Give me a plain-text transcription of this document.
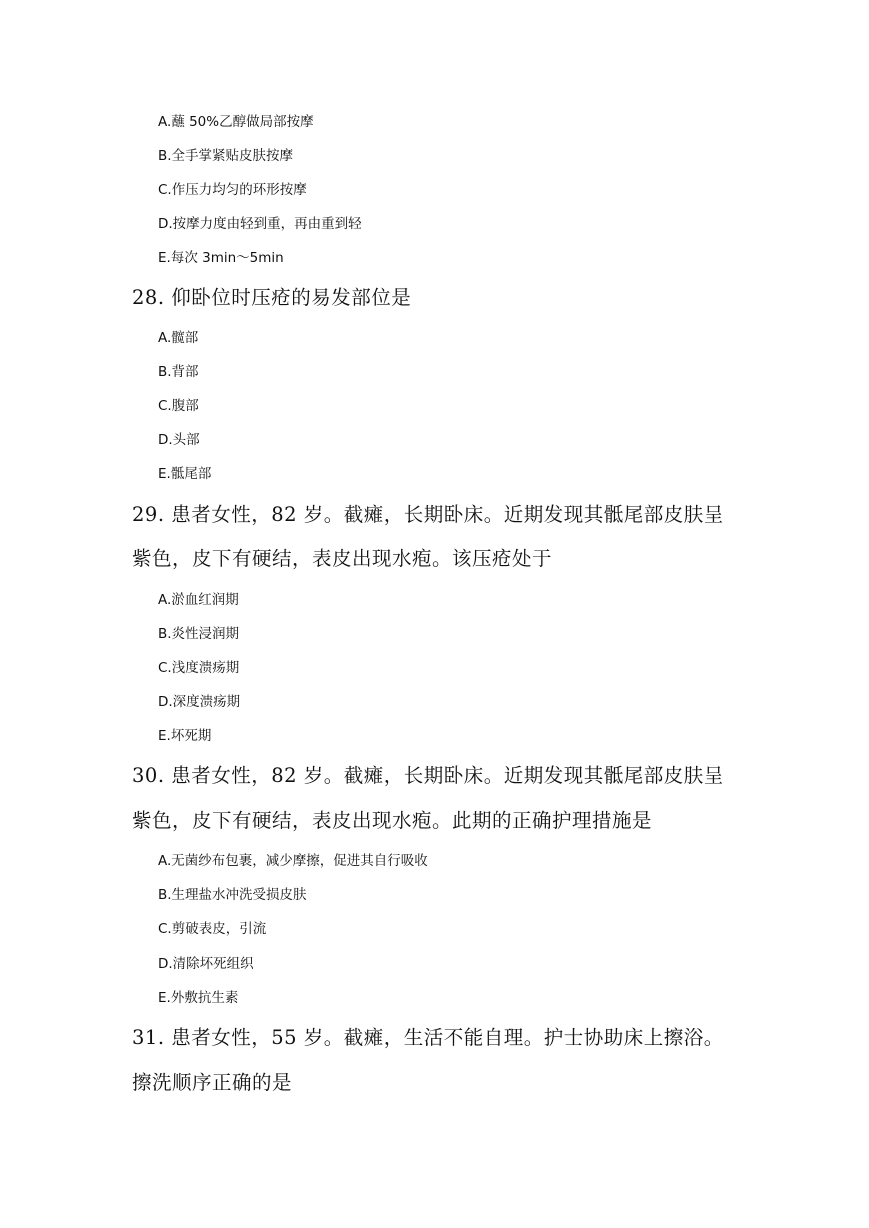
A.蘸 50%乙醇做局部按摩
B.全手掌紧贴皮肤按摩
C.作压力均匀的环形按摩
D.按摩力度由轻到重，再由重到轻
E.每次 3min～5min
28. 仰卧位时压疮的易发部位是
A.髋部
B.背部
C.腹部
D.头部
E.骶尾部
29. 患者女性，82 岁。截瘫，长期卧床。近期发现其骶尾部皮肤呈
紫色，皮下有硬结，表皮出现水疱。该压疮处于
A.淤血红润期
B.炎性浸润期
C.浅度溃疡期
D.深度溃疡期
E.坏死期
30. 患者女性，82 岁。截瘫，长期卧床。近期发现其骶尾部皮肤呈
紫色，皮下有硬结，表皮出现水疱。此期的正确护理措施是
A.无菌纱布包裹，减少摩擦，促进其自行吸收
B.生理盐水冲洗受损皮肤
C.剪破表皮，引流
D.清除坏死组织
E.外敷抗生素
31. 患者女性，55 岁。截瘫，生活不能自理。护士协助床上擦浴。
擦洗顺序正确的是
